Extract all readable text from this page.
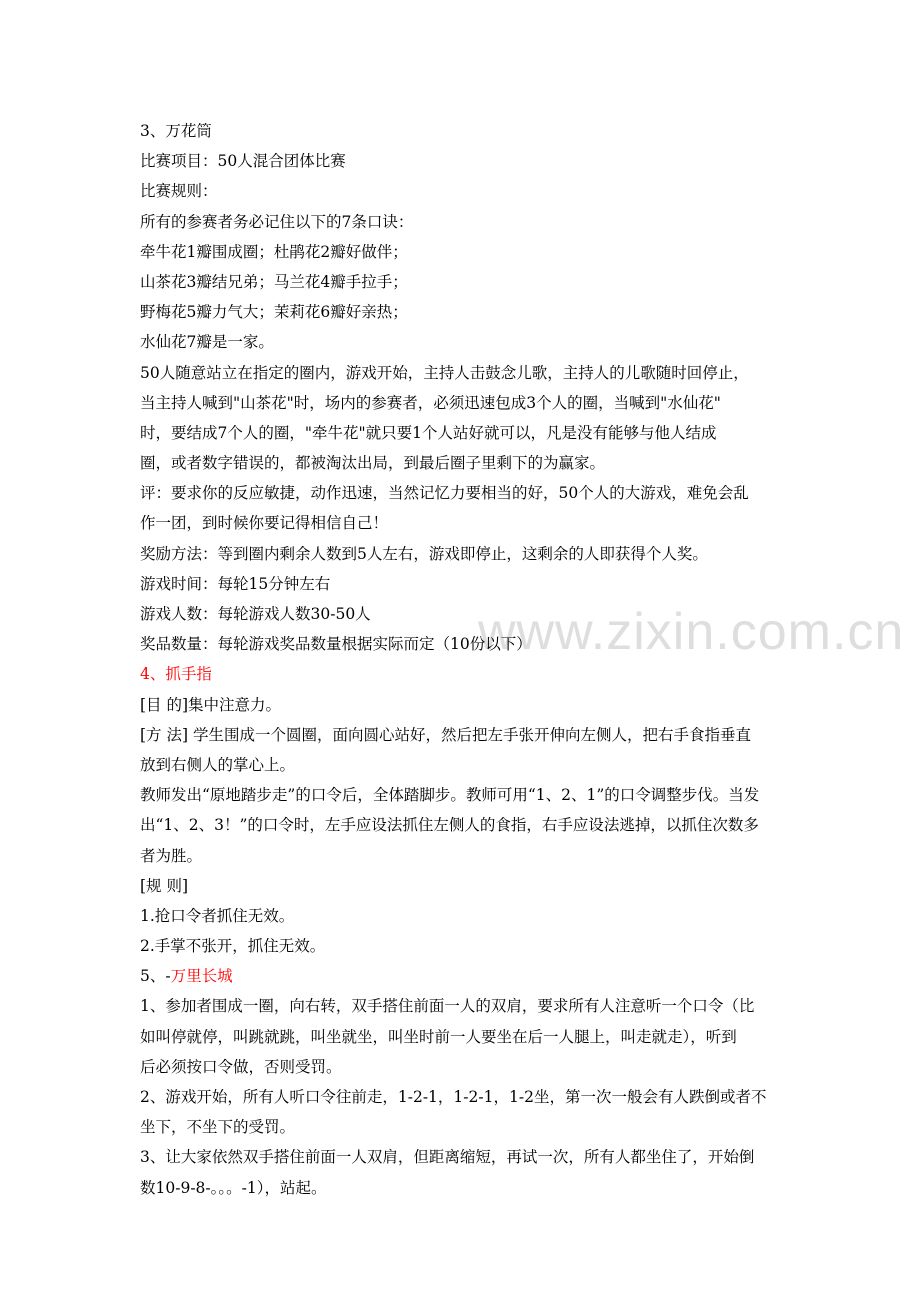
www.zixin.com.cn
3、万花筒
比赛项目：50人混合团体比赛
比赛规则：
所有的参赛者务必记住以下的7条口诀：
牵牛花1瓣围成圈；杜鹃花2瓣好做伴；
山茶花3瓣结兄弟；马兰花4瓣手拉手；
野梅花5瓣力气大；茉莉花6瓣好亲热；
水仙花7瓣是一家。
50人随意站立在指定的圈内，游戏开始，主持人击鼓念儿歌，主持人的儿歌随时回停止，
当主持人喊到"山茶花"时，场内的参赛者，必须迅速包成3个人的圈，当喊到"水仙花"
时，要结成7个人的圈，"牵牛花"就只要1个人站好就可以，凡是没有能够与他人结成
圈，或者数字错误的，都被淘汰出局，到最后圈子里剩下的为赢家。
评：要求你的反应敏捷，动作迅速，当然记忆力要相当的好，50个人的大游戏，难免会乱
作一团，到时候你要记得相信自己！
奖励方法：等到圈内剩余人数到5人左右，游戏即停止，这剩余的人即获得个人奖。
游戏时间：每轮15分钟左右
游戏人数：每轮游戏人数30-50人
奖品数量：每轮游戏奖品数量根据实际而定（10份以下）
4、抓手指
[目 的]集中注意力。
[方 法] 学生围成一个圆圈，面向圆心站好，然后把左手张开伸向左侧人，把右手食指垂直
放到右侧人的掌心上。
教师发出“原地踏步走”的口令后，全体踏脚步。教师可用“1、2、1”的口令调整步伐。当发
出“1、2、3！”的口令时，左手应设法抓住左侧人的食指，右手应设法逃掉，以抓住次数多
者为胜。
[规 则]
1.抢口令者抓住无效。
2.手掌不张开，抓住无效。
5、-万里长城
1、参加者围成一圈，向右转，双手搭住前面一人的双肩，要求所有人注意听一个口令（比
如叫停就停，叫跳就跳，叫坐就坐，叫坐时前一人要坐在后一人腿上，叫走就走），听到
后必须按口令做，否则受罚。
2、游戏开始，所有人听口令往前走，1-2-1，1-2-1，1-2坐，第一次一般会有人跌倒或者不
坐下，不坐下的受罚。
3、让大家依然双手搭住前面一人双肩，但距离缩短，再试一次，所有人都坐住了，开始倒
数10-9-8-。。。-1），站起。
